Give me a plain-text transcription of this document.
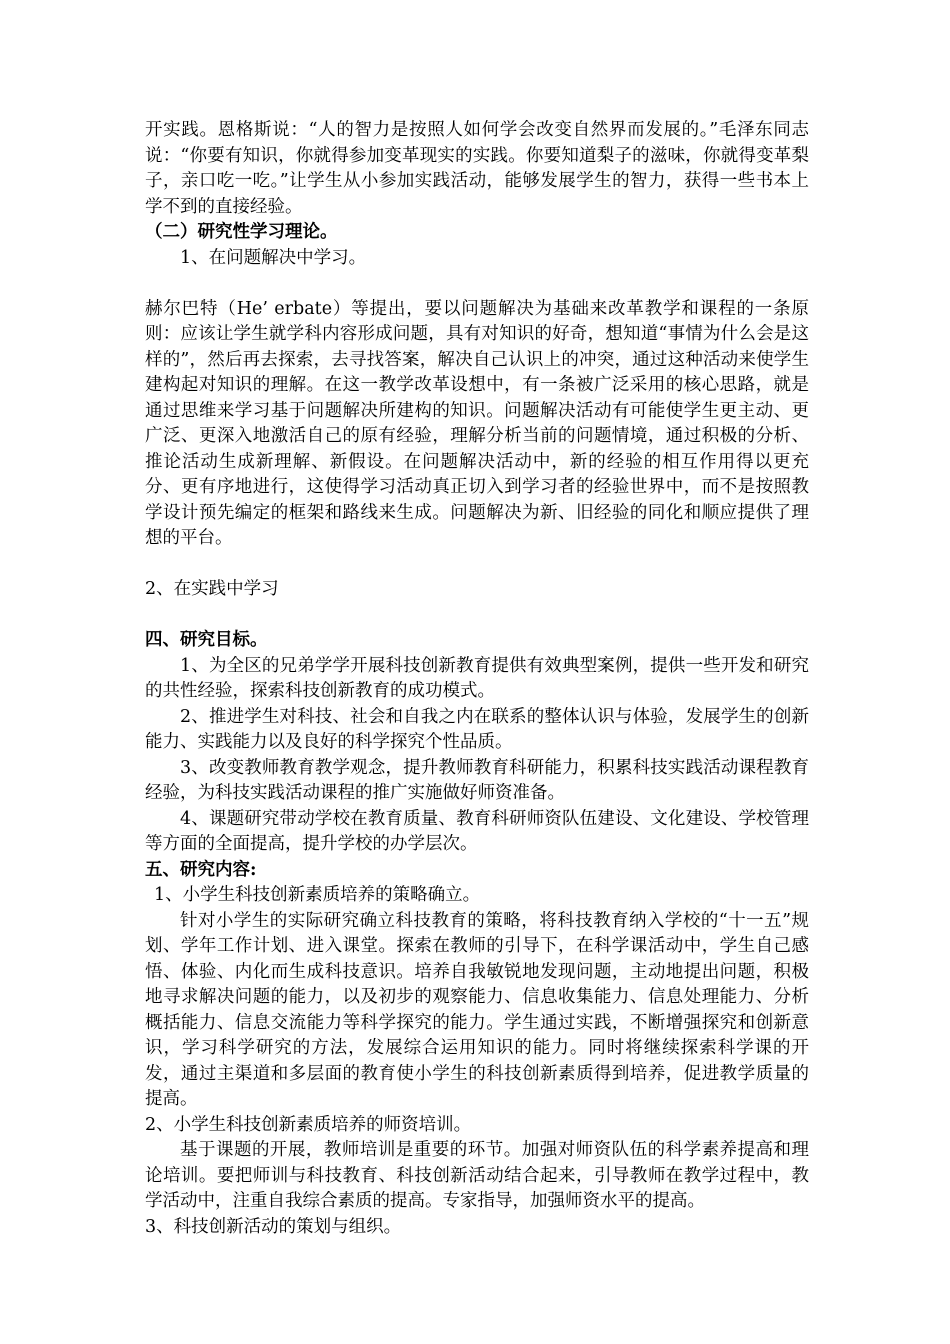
开实践。恩格斯说：“人的智力是按照人如何学会改变自然界而发展的。”毛泽东同志说：“你要有知识，你就得参加变革现实的实践。你要知道梨子的滋味，你就得变革梨子，亲口吃一吃。”让学生从小参加实践活动，能够发展学生的智力，获得一些书本上学不到的直接经验。

（二）研究性学习理论。

1、在问题解决中学习。

赫尔巴特（He’ erbate）等提出，要以问题解决为基础来改革教学和课程的一条原则：应该让学生就学科内容形成问题，具有对知识的好奇，想知道“事情为什么会是这样的”，然后再去探索，去寻找答案，解决自己认识上的冲突，通过这种活动来使学生建构起对知识的理解。在这一教学改革设想中，有一条被广泛采用的核心思路，就是通过思维来学习基于问题解决所建构的知识。问题解决活动有可能使学生更主动、更广泛、更深入地激活自己的原有经验，理解分析当前的问题情境，通过积极的分析、推论活动生成新理解、新假设。在问题解决活动中，新的经验的相互作用得以更充分、更有序地进行，这使得学习活动真正切入到学习者的经验世界中，而不是按照教学设计预先编定的框架和路线来生成。问题解决为新、旧经验的同化和顺应提供了理想的平台。

2、在实践中学习

四、研究目标。

1、为全区的兄弟学学开展科技创新教育提供有效典型案例，提供一些开发和研究的共性经验，探索科技创新教育的成功模式。

2、推进学生对科技、社会和自我之内在联系的整体认识与体验，发展学生的创新能力、实践能力以及良好的科学探究个性品质。

3、改变教师教育教学观念，提升教师教育科研能力，积累科技实践活动课程教育经验，为科技实践活动课程的推广实施做好师资准备。

4、课题研究带动学校在教育质量、教育科研师资队伍建设、文化建设、学校管理等方面的全面提高，提升学校的办学层次。

五、研究内容:

1、小学生科技创新素质培养的策略确立。

针对小学生的实际研究确立科技教育的策略，将科技教育纳入学校的“十一五”规划、学年工作计划、进入课堂。探索在教师的引导下，在科学课活动中，学生自己感悟、体验、内化而生成科技意识。培养自我敏锐地发现问题，主动地提出问题，积极地寻求解决问题的能力，以及初步的观察能力、信息收集能力、信息处理能力、分析概括能力、信息交流能力等科学探究的能力。学生通过实践，不断增强探究和创新意识，学习科学研究的方法，发展综合运用知识的能力。同时将继续探索科学课的开发，通过主渠道和多层面的教育使小学生的科技创新素质得到培养，促进教学质量的提高。

2、小学生科技创新素质培养的师资培训。

基于课题的开展，教师培训是重要的环节。加强对师资队伍的科学素养提高和理论培训。要把师训与科技教育、科技创新活动结合起来，引导教师在教学过程中，教学活动中，注重自我综合素质的提高。专家指导，加强师资水平的提高。

3、科技创新活动的策划与组织。
